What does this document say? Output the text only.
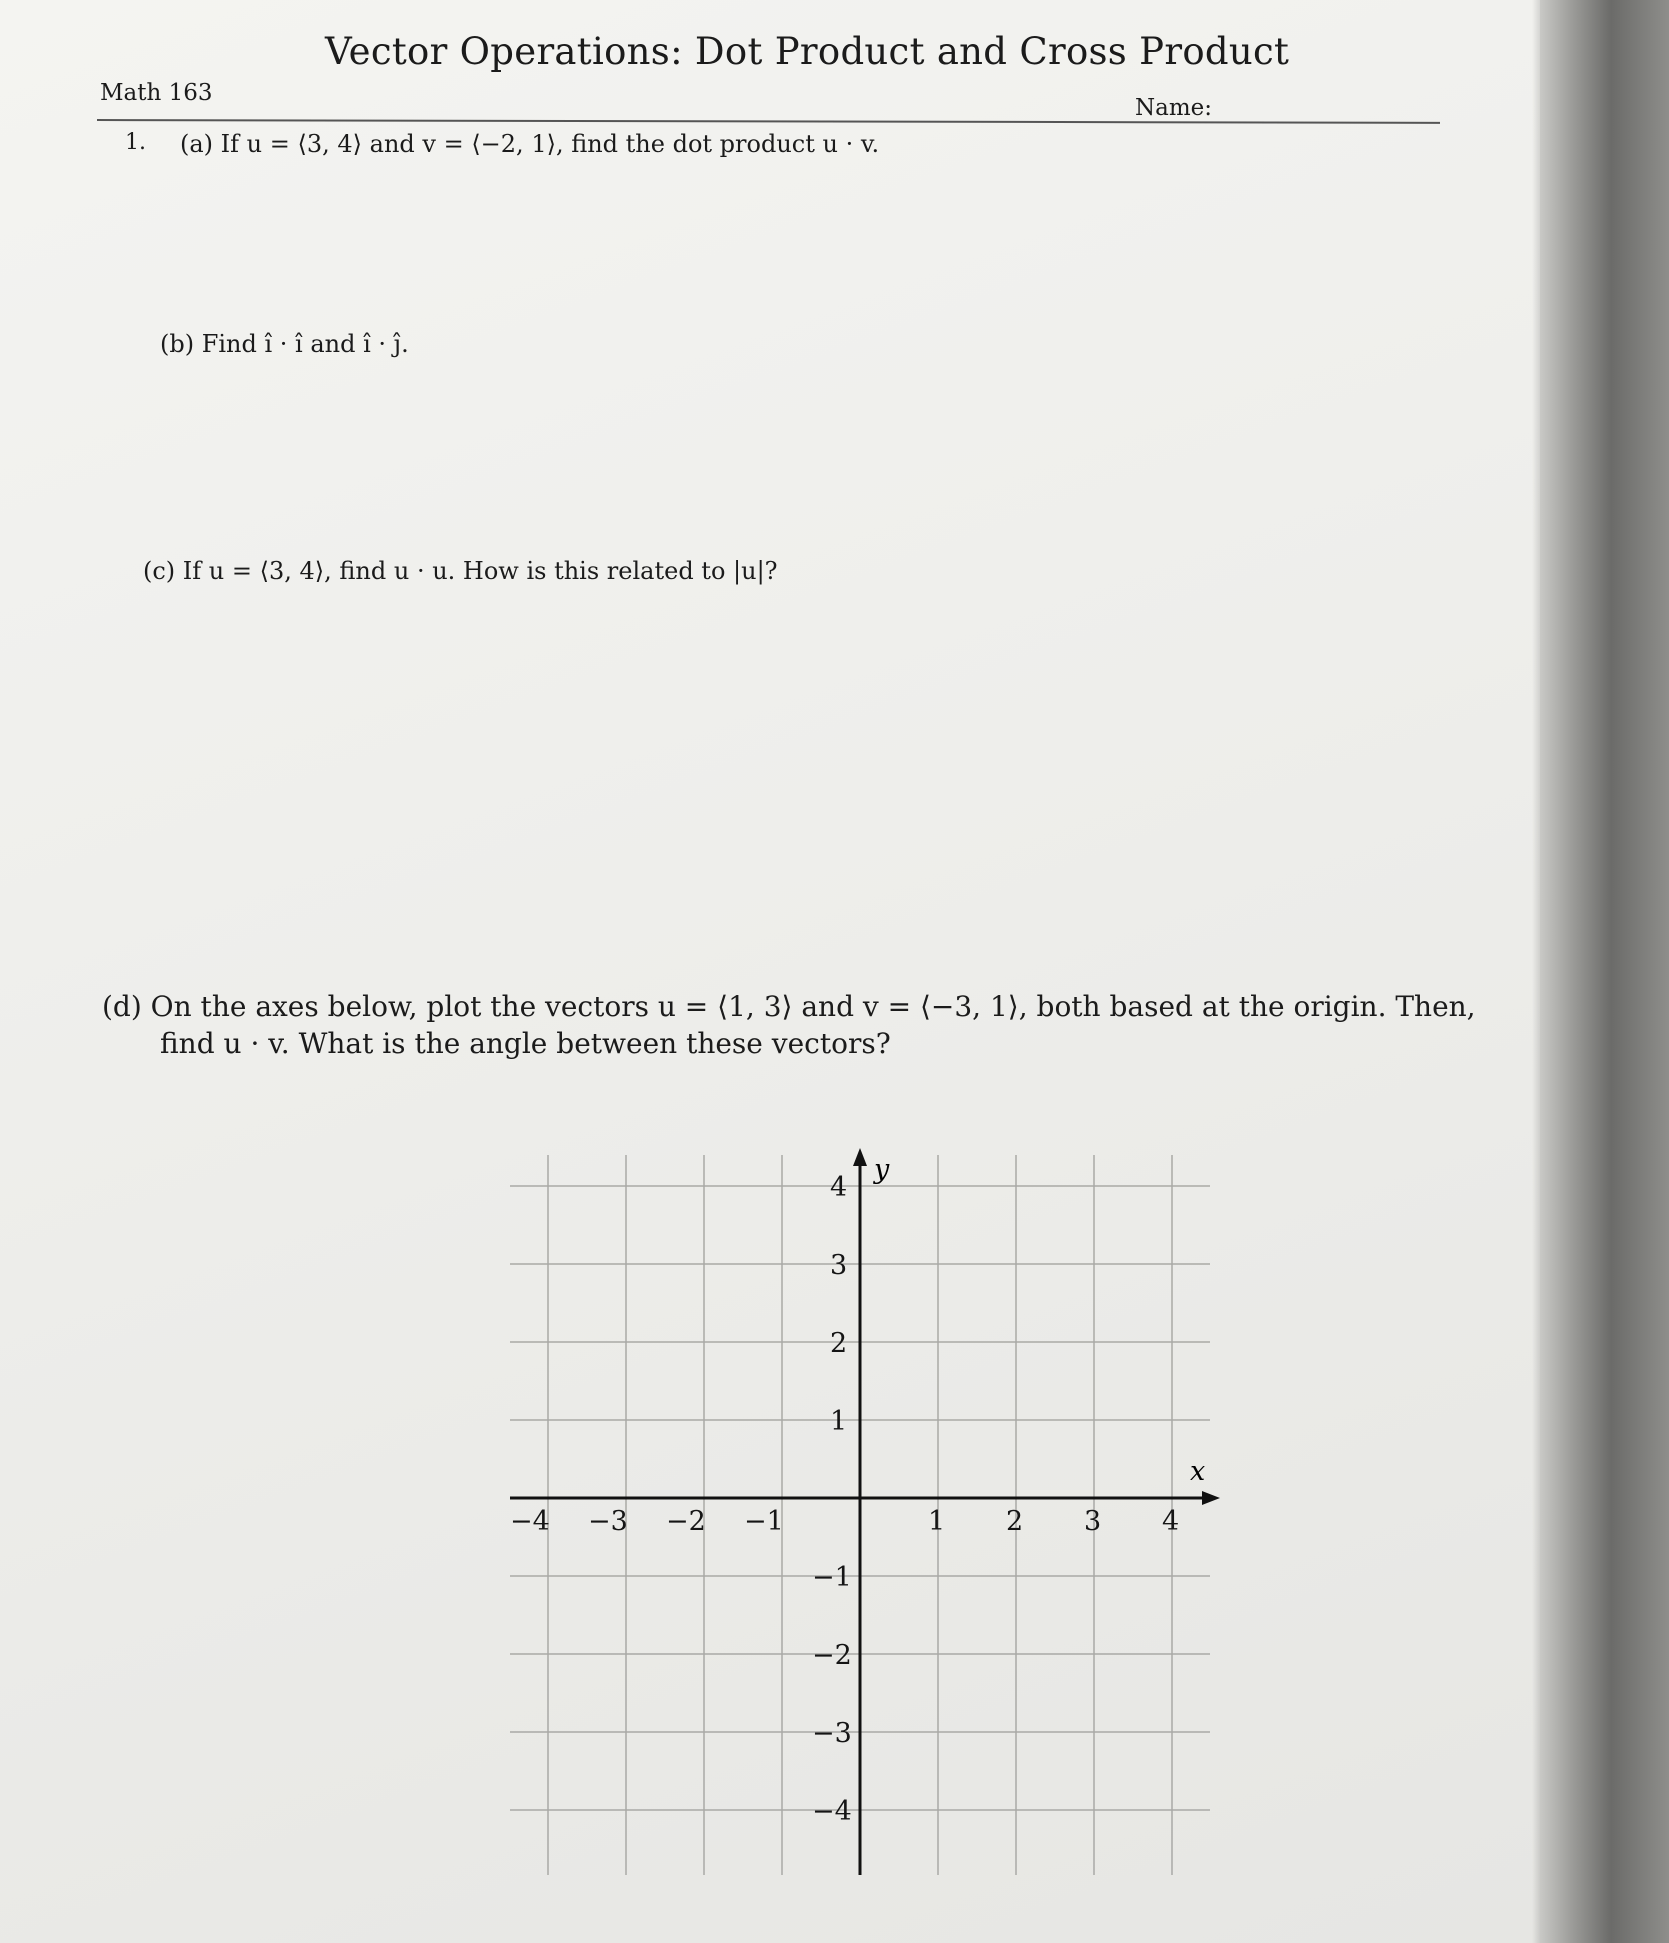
Vector Operations: Dot Product and Cross Product
Math 163
Name:
1. (a) If u = ⟨3, 4⟩ and v = ⟨−2, 1⟩, find the dot product u · v.
(b) Find î · î and î · ĵ.
(c) If u = ⟨3, 4⟩, find u · u. How is this related to |u|?
(d) On the axes below, plot the vectors u = ⟨1, 3⟩ and v = ⟨−3, 1⟩, both based at the origin. Then,
find u · v. What is the angle between these vectors?
−4 −3 −2 −1	1 2 3 4
4
3
2
1
−1
−2
−3
−4
x
y
